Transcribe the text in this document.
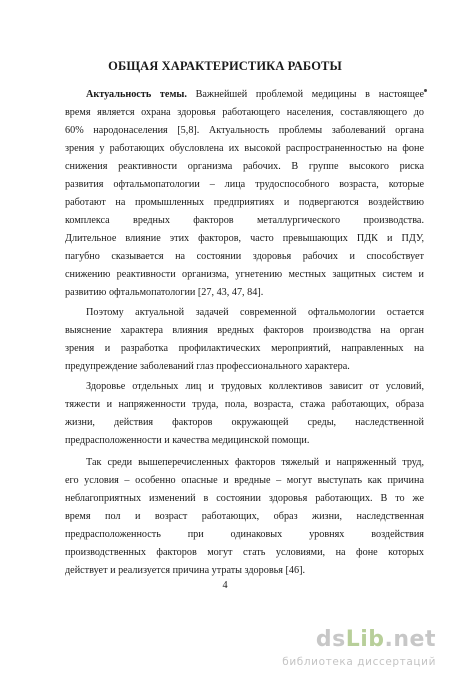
ОБЩАЯ ХАРАКТЕРИСТИКА РАБОТЫ

Актуальность темы. Важнейшей проблемой медицины в настоящее

время является охрана здоровья работающего населения, составляющего до

60% народонаселения [5,8]. Актуальность проблемы заболеваний органа

зрения у работающих обусловлена их высокой распространенностью на фоне

снижения реактивности организма рабочих. В группе высокого риска

развития офтальмопатологии – лица трудоспособного возраста, которые

работают на промышленных предприятиях и подвергаются воздействию

комплекса вредных факторов металлургического производства.

Длительное влияние этих факторов, часто превышающих ПДК и ПДУ,

пагубно сказывается на состоянии здоровья рабочих и способствует

снижению реактивности организма, угнетению местных защитных систем и

развитию офтальмопатологии [27, 43, 47, 84].

Поэтому актуальной задачей современной офтальмологии остается

выяснение характера влияния вредных факторов производства на орган

зрения и разработка профилактических мероприятий, направленных на

предупреждение заболеваний глаз профессионального характера.

Здоровье отдельных лиц и трудовых коллективов зависит от условий,

тяжести и напряженности труда, пола, возраста, стажа работающих, образа

жизни, действия факторов окружающей среды, наследственной

предрасположенности и качества медицинской помощи.

Так среди вышеперечисленных факторов тяжелый и напряженный труд,

его условия – особенно опасные и вредные – могут выступать как причина

неблагоприятных изменений в состоянии здоровья работающих. В то же

время пол и возраст работающих, образ жизни, наследственная

предрасположенность при одинаковых уровнях воздействия

производственных факторов могут стать условиями, на фоне которых

действует и реализуется причина утраты здоровья [46].

4
dsLib.net
библиотека диссертаций
